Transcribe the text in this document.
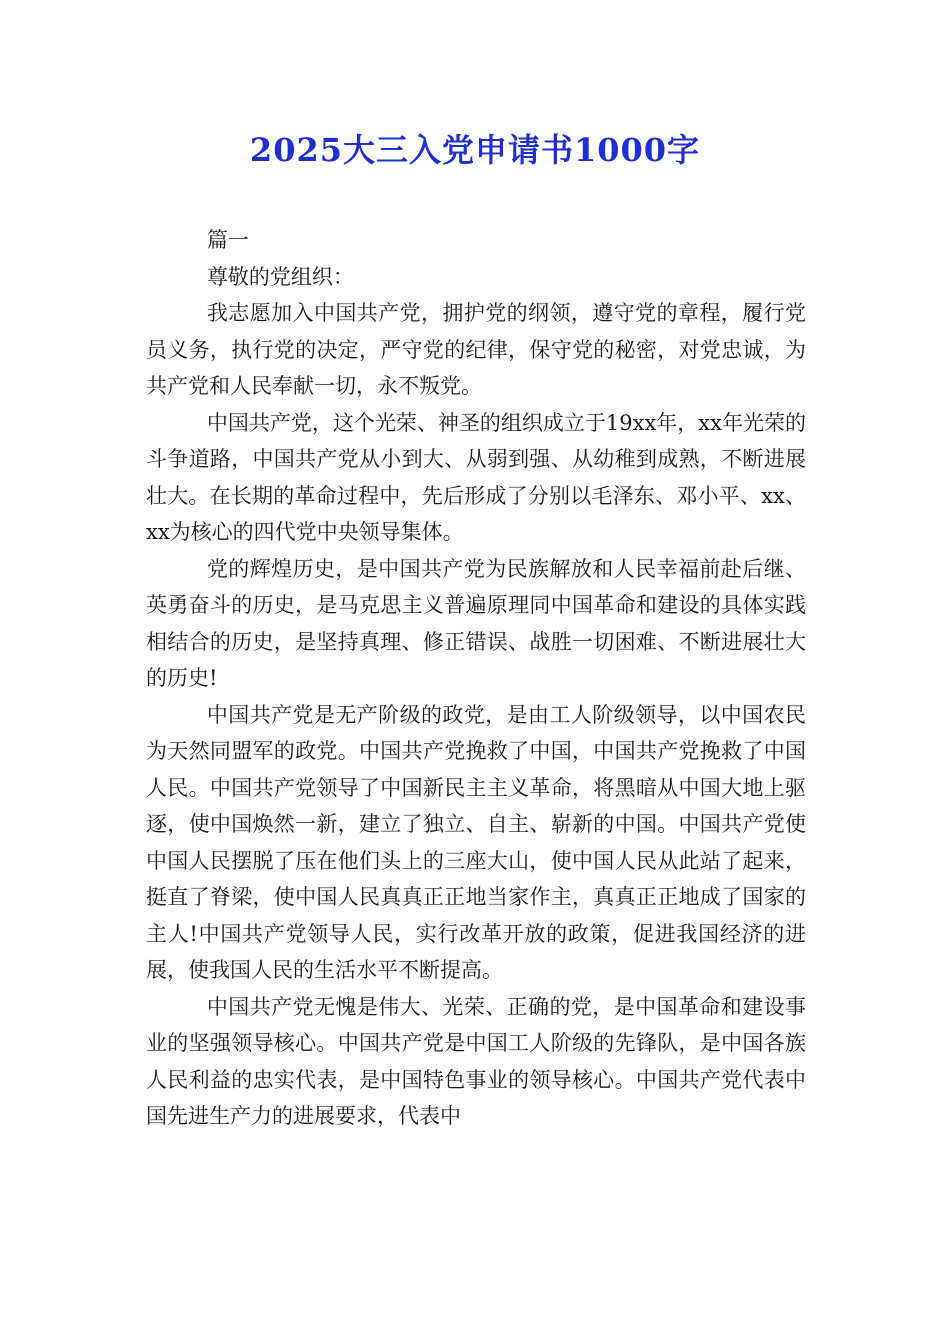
2025大三入党申请书1000字

篇一

尊敬的党组织：

我志愿加入中国共产党，拥护党的纲领，遵守党的章程，履行党员义务，执行党的决定，严守党的纪律，保守党的秘密，对党忠诚，为共产党和人民奉献一切，永不叛党。

中国共产党，这个光荣、神圣的组织成立于19xx年，xx年光荣的斗争道路，中国共产党从小到大、从弱到强、从幼稚到成熟，不断进展壮大。在长期的革命过程中，先后形成了分别以毛泽东、邓小平、xx、xx为核心的四代党中央领导集体。

党的辉煌历史，是中国共产党为民族解放和人民幸福前赴后继、英勇奋斗的历史，是马克思主义普遍原理同中国革命和建设的具体实践相结合的历史，是坚持真理、修正错误、战胜一切困难、不断进展壮大的历史!

中国共产党是无产阶级的政党，是由工人阶级领导，以中国农民为天然同盟军的政党。中国共产党挽救了中国，中国共产党挽救了中国人民。中国共产党领导了中国新民主主义革命，将黑暗从中国大地上驱逐，使中国焕然一新，建立了独立、自主、崭新的中国。中国共产党使中国人民摆脱了压在他们头上的三座大山，使中国人民从此站了起来，挺直了脊梁，使中国人民真真正正地当家作主，真真正正地成了国家的主人!中国共产党领导人民，实行改革开放的政策，促进我国经济的进展，使我国人民的生活水平不断提高。

中国共产党无愧是伟大、光荣、正确的党，是中国革命和建设事业的坚强领导核心。中国共产党是中国工人阶级的先锋队，是中国各族人民利益的忠实代表，是中国特色事业的领导核心。中国共产党代表中国先进生产力的进展要求，代表中
